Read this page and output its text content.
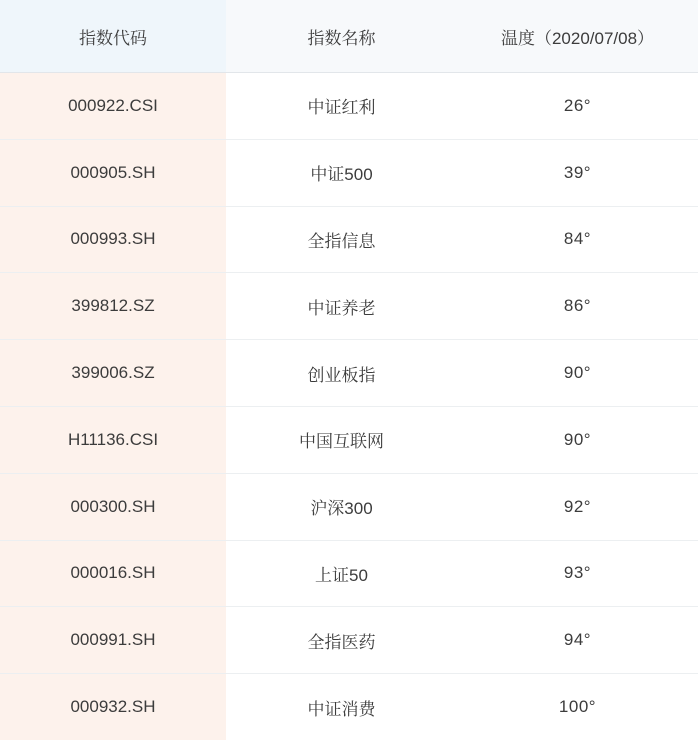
指数代码	指数名称	温度（2020/07/08）
000922.CSI	中证红利	26°
000905.SH	中证500	39°
000993.SH	全指信息	84°
399812.SZ	中证养老	86°
399006.SZ	创业板指	90°
H11136.CSI	中国互联网	90°
000300.SH	沪深300	92°
000016.SH	上证50	93°
000991.SH	全指医药	94°
000932.SH	中证消费	100°
